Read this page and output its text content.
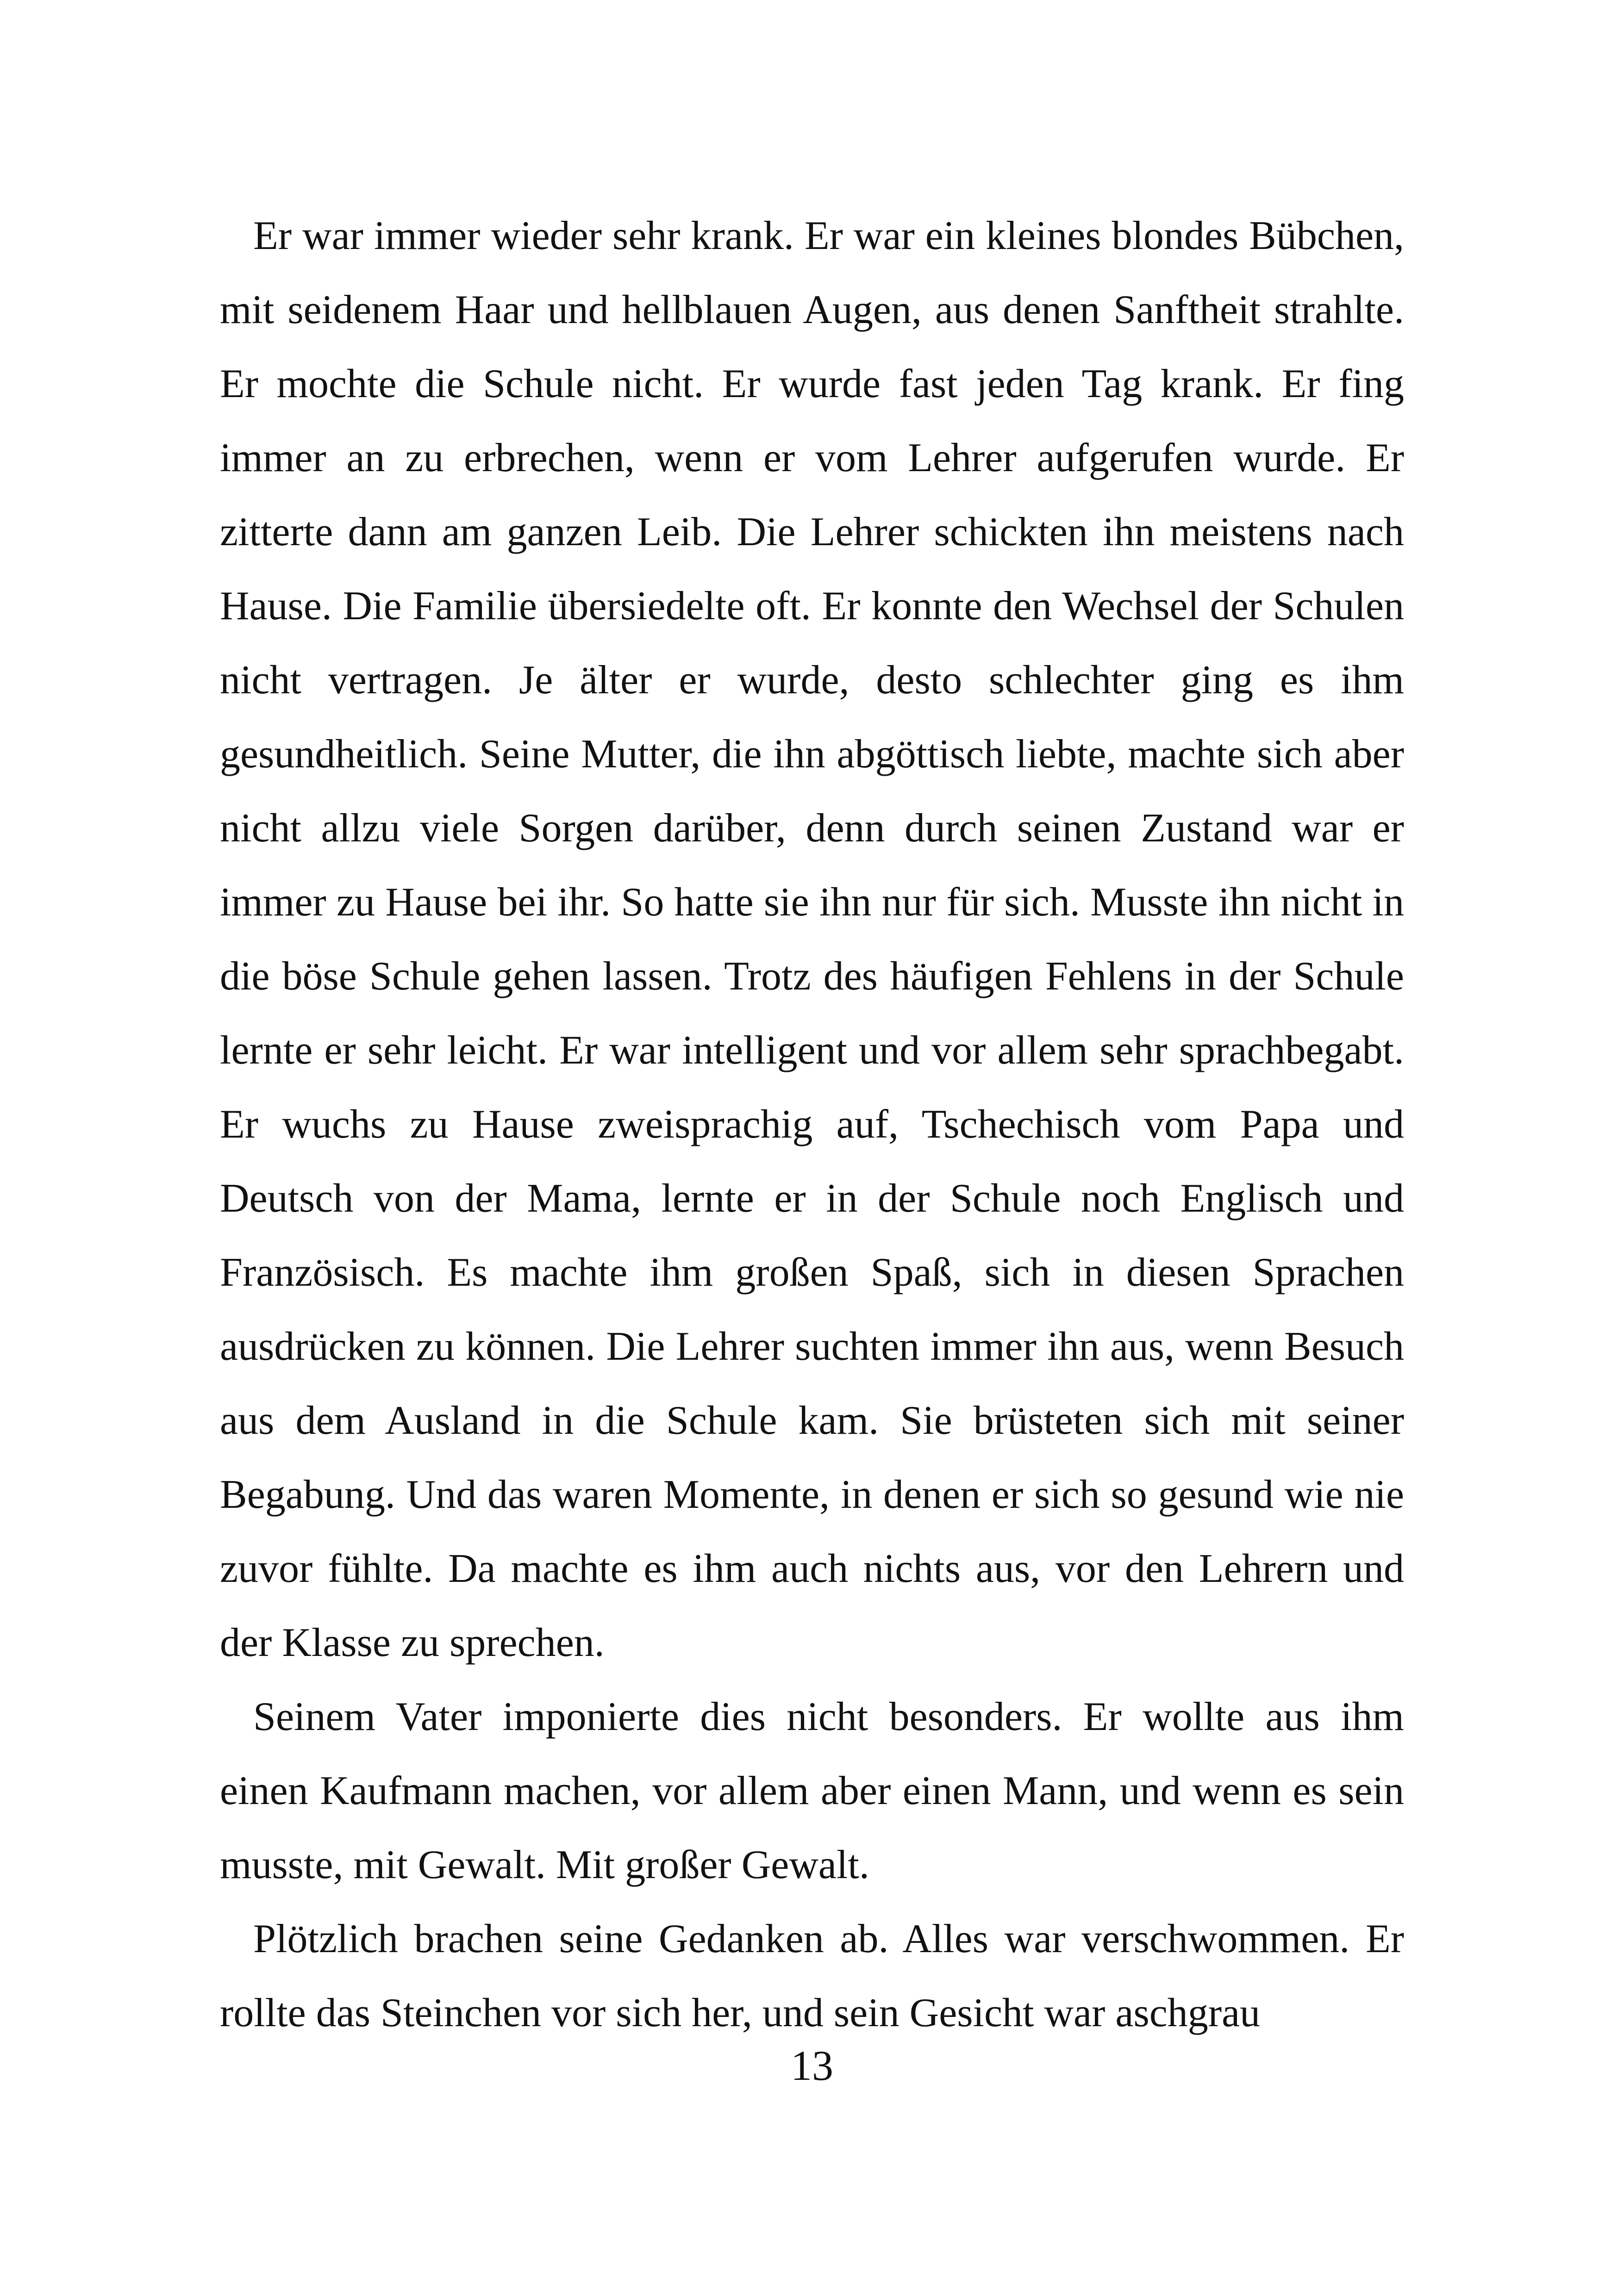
Er war immer wieder sehr krank. Er war ein kleines blondes Bübchen, mit seidenem Haar und hellblauen Augen, aus denen Sanftheit strahlte. Er mochte die Schule nicht. Er wurde fast jeden Tag krank. Er fing immer an zu erbrechen, wenn er vom Lehrer aufgerufen wurde. Er zitterte dann am ganzen Leib. Die Lehrer schickten ihn meistens nach Hause. Die Familie übersiedelte oft. Er konnte den Wechsel der Schulen nicht vertragen. Je älter er wurde, desto schlechter ging es ihm gesundheitlich. Seine Mutter, die ihn abgöttisch liebte, machte sich aber nicht allzu viele Sorgen darüber, denn durch seinen Zustand war er immer zu Hause bei ihr. So hatte sie ihn nur für sich. Musste ihn nicht in die böse Schule gehen lassen. Trotz des häufigen Fehlens in der Schule lernte er sehr leicht. Er war intelligent und vor allem sehr sprachbegabt. Er wuchs zu Hause zweisprachig auf, Tschechisch vom Papa und Deutsch von der Mama, lernte er in der Schule noch Englisch und Französisch. Es machte ihm großen Spaß, sich in diesen Sprachen ausdrücken zu können. Die Lehrer suchten immer ihn aus, wenn Besuch aus dem Ausland in die Schule kam. Sie brüsteten sich mit seiner Begabung. Und das waren Momente, in denen er sich so gesund wie nie zuvor fühlte. Da machte es ihm auch nichts aus, vor den Lehrern und der Klasse zu sprechen.

Seinem Vater imponierte dies nicht besonders. Er wollte aus ihm einen Kaufmann machen, vor allem aber einen Mann, und wenn es sein musste, mit Gewalt. Mit großer Gewalt.

Plötzlich brachen seine Gedanken ab. Alles war verschwommen. Er rollte das Steinchen vor sich her, und sein Gesicht war aschgrau

13
